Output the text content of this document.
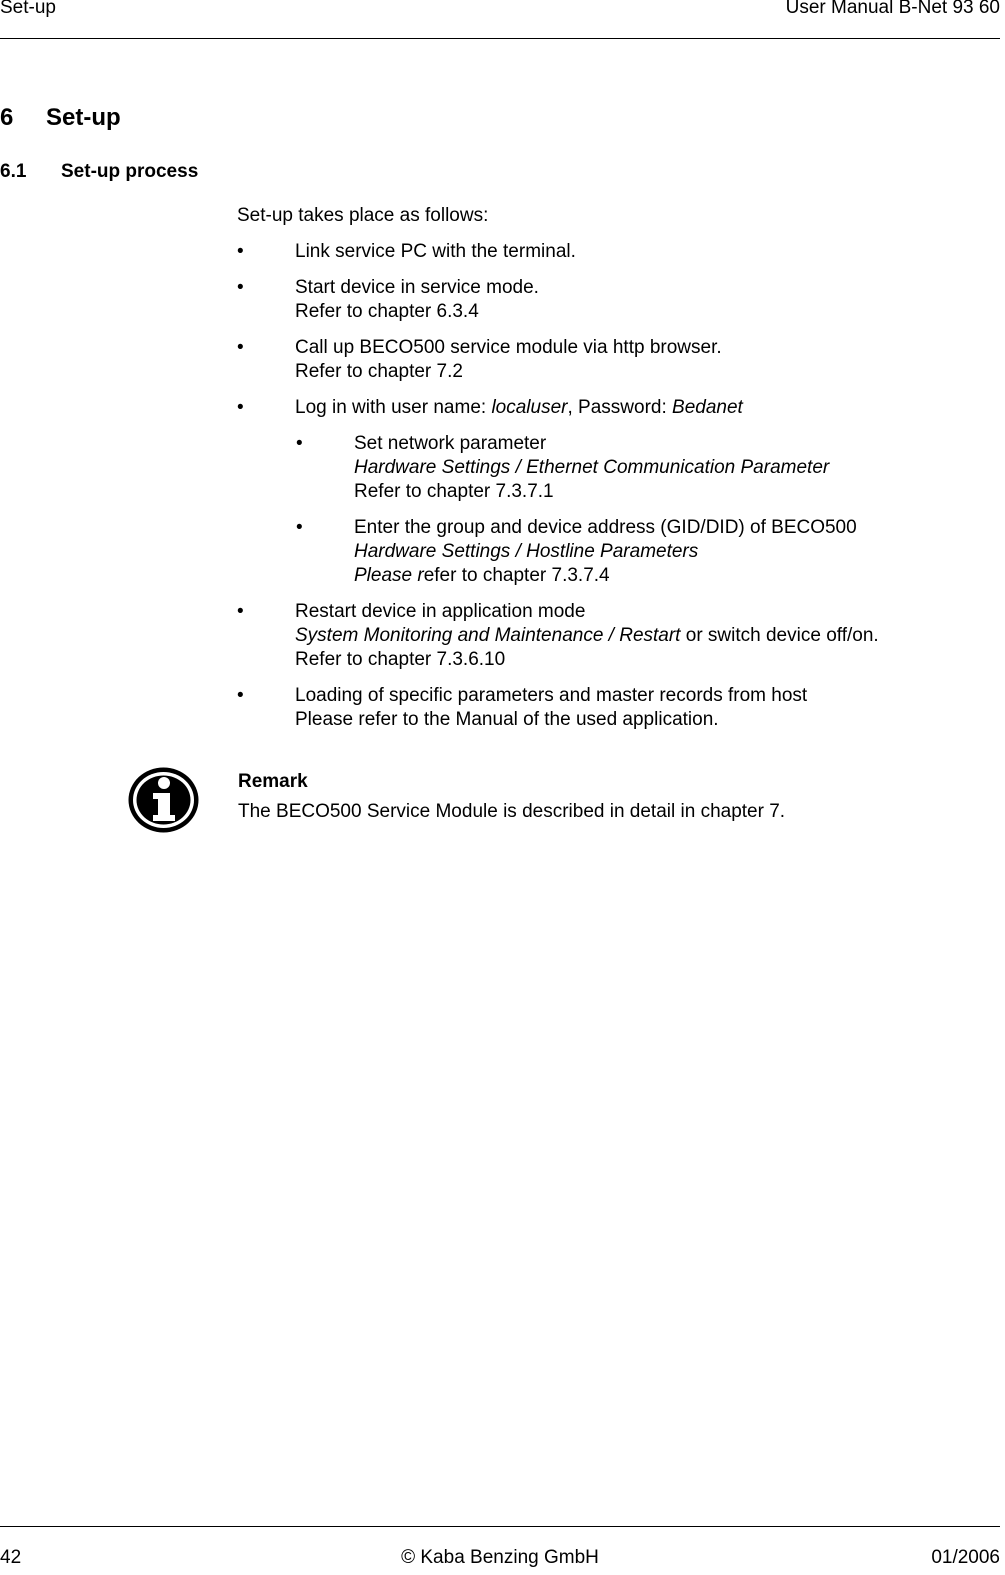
Set-up	User Manual B-Net 93 60
6 Set-up
6.1 Set-up process

Set-up takes place as follows:

•	Link service PC with the terminal.
•	Start device in service mode.
Refer to chapter 6.3.4
•	Call up BECO500 service module via http browser.
Refer to chapter 7.2
•	Log in with user name: localuser, Password: Bedanet
•	Set network parameter
Hardware Settings / Ethernet Communication Parameter
Refer to chapter 7.3.7.1
•	Enter the group and device address (GID/DID) of BECO500
Hardware Settings / Hostline Parameters
Please refer to chapter 7.3.7.4
•	Restart device in application mode
System Monitoring and Maintenance / Restart or switch device off/on.
Refer to chapter 7.3.6.10
•	Loading of specific parameters and master records from host
Please refer to the Manual of the used application.
Remark
The BECO500 Service Module is described in detail in chapter 7.
42	© Kaba Benzing GmbH	01/2006
